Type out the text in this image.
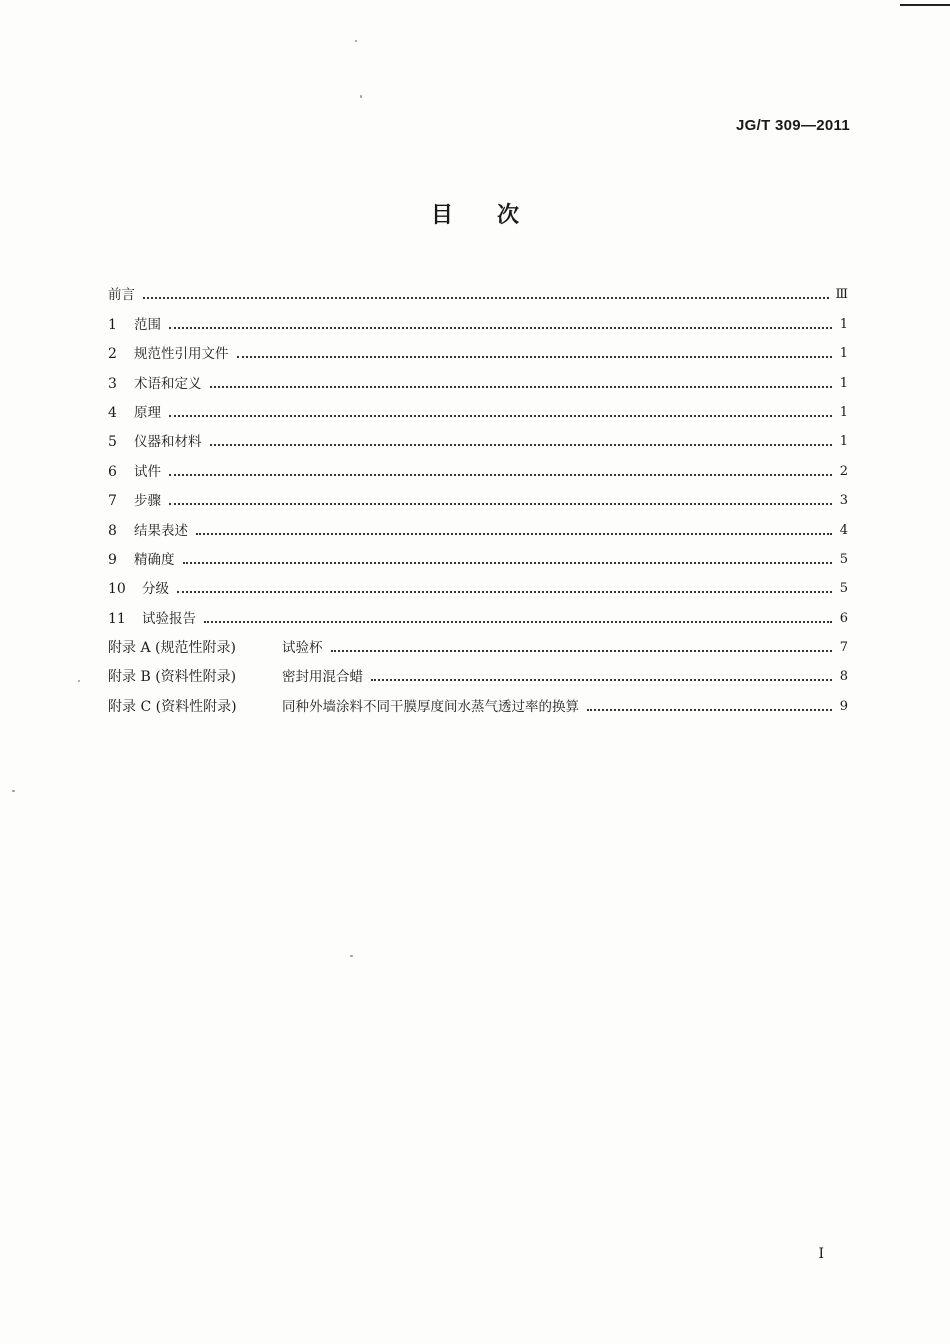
JG/T 309—2011
目次
前言	Ⅲ
1 范围	1
2 规范性引用文件	1
3 术语和定义	1
4 原理	1
5 仪器和材料	1
6 试件	2
7 步骤	3
8 结果表述	4
9 精确度	5
10 分级	5
11 试验报告	6
附录 A (规范性附录)	试验杯	7
附录 B (资料性附录)	密封用混合蜡	8
附录 C (资料性附录)	同种外墙涂料不同干膜厚度间水蒸气透过率的换算	9
I
